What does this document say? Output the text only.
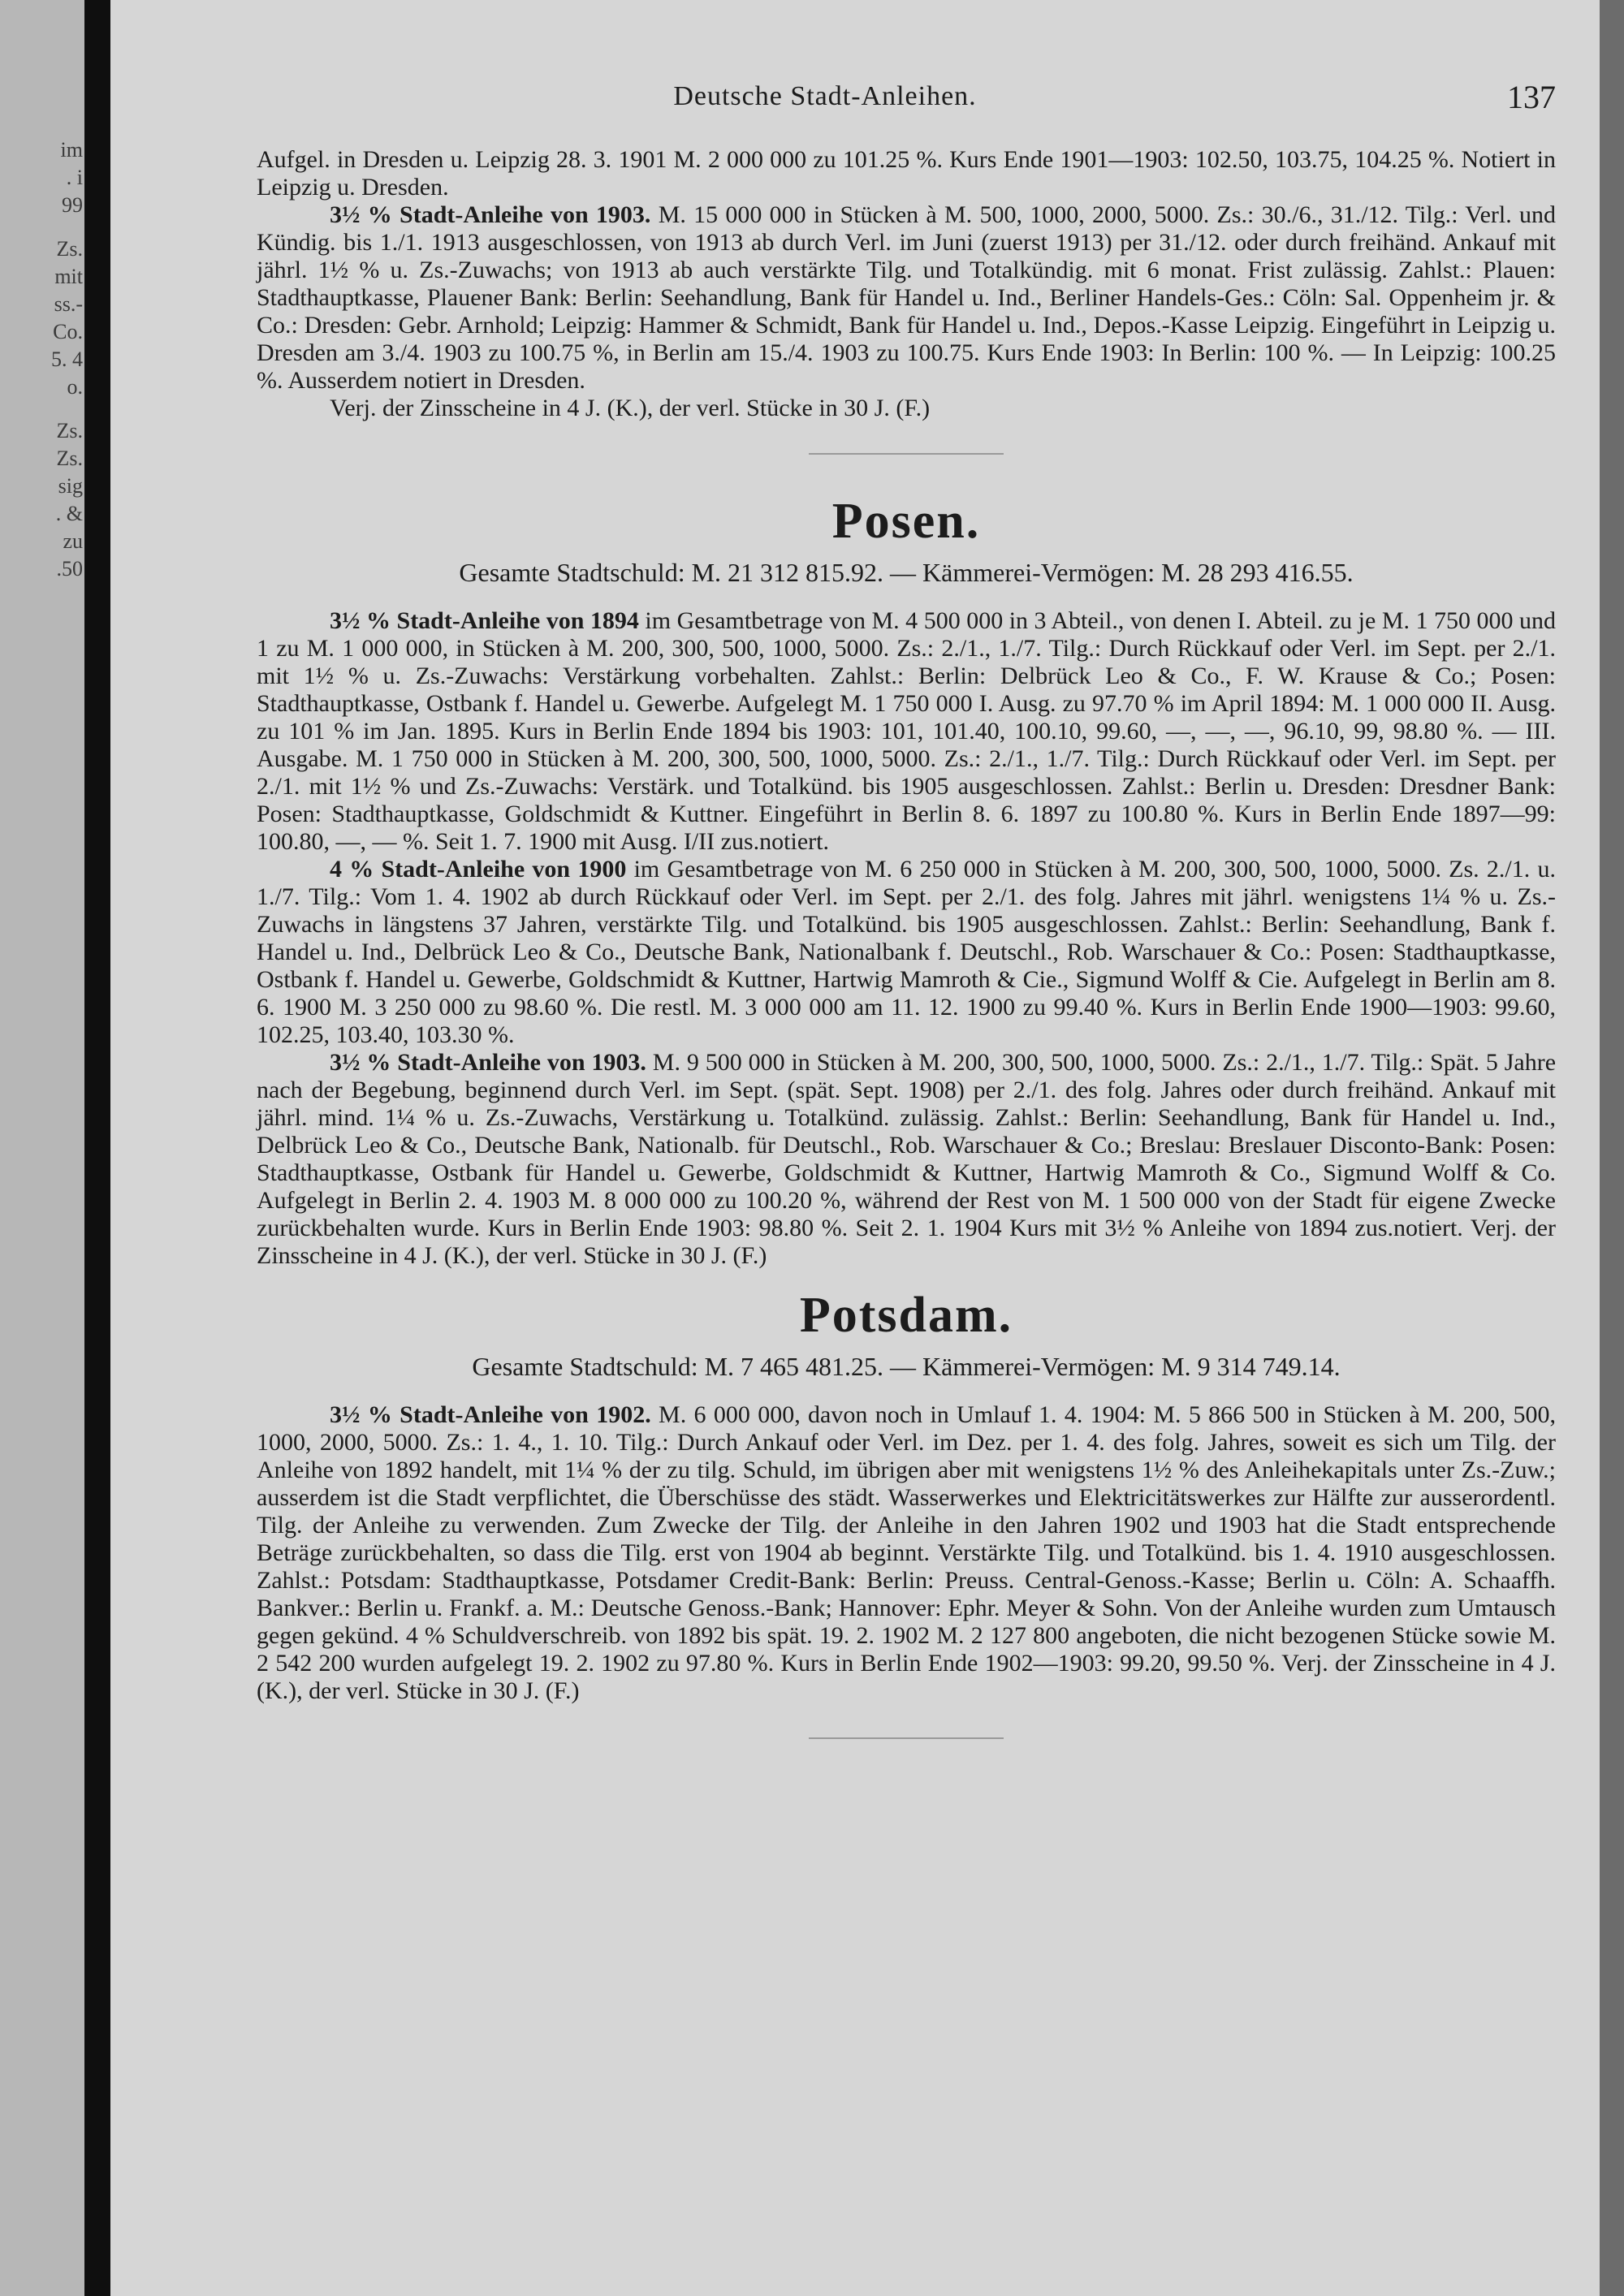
im
. i
99
Zs.
mit
ss.-
Co.
5. 4
o.
Zs.
Zs.
sig
. &
zu
.50
Deutsche Stadt-Anleihen.	137

Aufgel. in Dresden u. Leipzig 28. 3. 1901 M. 2 000 000 zu 101.25 %. Kurs Ende 1901—1903: 102.50, 103.75, 104.25 %. Notiert in Leipzig u. Dresden.

3½ % Stadt-Anleihe von 1903. M. 15 000 000 in Stücken à M. 500, 1000, 2000, 5000. Zs.: 30./6., 31./12. Tilg.: Verl. und Kündig. bis 1./1. 1913 ausgeschlossen, von 1913 ab durch Verl. im Juni (zuerst 1913) per 31./12. oder durch freihänd. Ankauf mit jährl. 1½ % u. Zs.-Zuwachs; von 1913 ab auch verstärkte Tilg. und Totalkündig. mit 6 monat. Frist zulässig. Zahlst.: Plauen: Stadthauptkasse, Plauener Bank: Berlin: Seehandlung, Bank für Handel u. Ind., Berliner Handels-Ges.: Cöln: Sal. Oppenheim jr. & Co.: Dresden: Gebr. Arnhold; Leipzig: Hammer & Schmidt, Bank für Handel u. Ind., Depos.-Kasse Leipzig. Eingeführt in Leipzig u. Dresden am 3./4. 1903 zu 100.75 %, in Berlin am 15./4. 1903 zu 100.75. Kurs Ende 1903: In Berlin: 100 %. — In Leipzig: 100.25 %. Ausserdem notiert in Dresden.

Verj. der Zinsscheine in 4 J. (K.), der verl. Stücke in 30 J. (F.)

Posen.
Gesamte Stadtschuld: M. 21 312 815.92. — Kämmerei-Vermögen: M. 28 293 416.55.

3½ % Stadt-Anleihe von 1894 im Gesamtbetrage von M. 4 500 000 in 3 Abteil., von denen I. Abteil. zu je M. 1 750 000 und 1 zu M. 1 000 000, in Stücken à M. 200, 300, 500, 1000, 5000. Zs.: 2./1., 1./7. Tilg.: Durch Rückkauf oder Verl. im Sept. per 2./1. mit 1½ % u. Zs.-Zuwachs: Verstärkung vorbehalten. Zahlst.: Berlin: Delbrück Leo & Co., F. W. Krause & Co.; Posen: Stadthauptkasse, Ostbank f. Handel u. Gewerbe. Aufgelegt M. 1 750 000 I. Ausg. zu 97.70 % im April 1894: M. 1 000 000 II. Ausg. zu 101 % im Jan. 1895. Kurs in Berlin Ende 1894 bis 1903: 101, 101.40, 100.10, 99.60, —, —, —, 96.10, 99, 98.80 %. — III. Ausgabe. M. 1 750 000 in Stücken à M. 200, 300, 500, 1000, 5000. Zs.: 2./1., 1./7. Tilg.: Durch Rückkauf oder Verl. im Sept. per 2./1. mit 1½ % und Zs.-Zuwachs: Verstärk. und Totalkünd. bis 1905 ausgeschlossen. Zahlst.: Berlin u. Dresden: Dresdner Bank: Posen: Stadthauptkasse, Goldschmidt & Kuttner. Eingeführt in Berlin 8. 6. 1897 zu 100.80 %. Kurs in Berlin Ende 1897—99: 100.80, —, — %. Seit 1. 7. 1900 mit Ausg. I/II zus.notiert.

4 % Stadt-Anleihe von 1900 im Gesamtbetrage von M. 6 250 000 in Stücken à M. 200, 300, 500, 1000, 5000. Zs. 2./1. u. 1./7. Tilg.: Vom 1. 4. 1902 ab durch Rückkauf oder Verl. im Sept. per 2./1. des folg. Jahres mit jährl. wenigstens 1¼ % u. Zs.-Zuwachs in längstens 37 Jahren, verstärkte Tilg. und Totalkünd. bis 1905 ausgeschlossen. Zahlst.: Berlin: Seehandlung, Bank f. Handel u. Ind., Delbrück Leo & Co., Deutsche Bank, Nationalbank f. Deutschl., Rob. Warschauer & Co.: Posen: Stadthauptkasse, Ostbank f. Handel u. Gewerbe, Goldschmidt & Kuttner, Hartwig Mamroth & Cie., Sigmund Wolff & Cie. Aufgelegt in Berlin am 8. 6. 1900 M. 3 250 000 zu 98.60 %. Die restl. M. 3 000 000 am 11. 12. 1900 zu 99.40 %. Kurs in Berlin Ende 1900—1903: 99.60, 102.25, 103.40, 103.30 %.

3½ % Stadt-Anleihe von 1903. M. 9 500 000 in Stücken à M. 200, 300, 500, 1000, 5000. Zs.: 2./1., 1./7. Tilg.: Spät. 5 Jahre nach der Begebung, beginnend durch Verl. im Sept. (spät. Sept. 1908) per 2./1. des folg. Jahres oder durch freihänd. Ankauf mit jährl. mind. 1¼ % u. Zs.-Zuwachs, Verstärkung u. Totalkünd. zulässig. Zahlst.: Berlin: Seehandlung, Bank für Handel u. Ind., Delbrück Leo & Co., Deutsche Bank, Nationalb. für Deutschl., Rob. Warschauer & Co.; Breslau: Breslauer Disconto-Bank: Posen: Stadthauptkasse, Ostbank für Handel u. Gewerbe, Goldschmidt & Kuttner, Hartwig Mamroth & Co., Sigmund Wolff & Co. Aufgelegt in Berlin 2. 4. 1903 M. 8 000 000 zu 100.20 %, während der Rest von M. 1 500 000 von der Stadt für eigene Zwecke zurückbehalten wurde. Kurs in Berlin Ende 1903: 98.80 %. Seit 2. 1. 1904 Kurs mit 3½ % Anleihe von 1894 zus.notiert. Verj. der Zinsscheine in 4 J. (K.), der verl. Stücke in 30 J. (F.)

Potsdam.
Gesamte Stadtschuld: M. 7 465 481.25. — Kämmerei-Vermögen: M. 9 314 749.14.

3½ % Stadt-Anleihe von 1902. M. 6 000 000, davon noch in Umlauf 1. 4. 1904: M. 5 866 500 in Stücken à M. 200, 500, 1000, 2000, 5000. Zs.: 1. 4., 1. 10. Tilg.: Durch Ankauf oder Verl. im Dez. per 1. 4. des folg. Jahres, soweit es sich um Tilg. der Anleihe von 1892 handelt, mit 1¼ % der zu tilg. Schuld, im übrigen aber mit wenigstens 1½ % des Anleihekapitals unter Zs.-Zuw.; ausserdem ist die Stadt verpflichtet, die Überschüsse des städt. Wasserwerkes und Elektricitätswerkes zur Hälfte zur ausserordentl. Tilg. der Anleihe zu verwenden. Zum Zwecke der Tilg. der Anleihe in den Jahren 1902 und 1903 hat die Stadt entsprechende Beträge zurückbehalten, so dass die Tilg. erst von 1904 ab beginnt. Verstärkte Tilg. und Totalkünd. bis 1. 4. 1910 ausgeschlossen. Zahlst.: Potsdam: Stadthauptkasse, Potsdamer Credit-Bank: Berlin: Preuss. Central-Genoss.-Kasse; Berlin u. Cöln: A. Schaaffh. Bankver.: Berlin u. Frankf. a. M.: Deutsche Genoss.-Bank; Hannover: Ephr. Meyer & Sohn. Von der Anleihe wurden zum Umtausch gegen gekünd. 4 % Schuldverschreib. von 1892 bis spät. 19. 2. 1902 M. 2 127 800 angeboten, die nicht bezogenen Stücke sowie M. 2 542 200 wurden aufgelegt 19. 2. 1902 zu 97.80 %. Kurs in Berlin Ende 1902—1903: 99.20, 99.50 %. Verj. der Zinsscheine in 4 J. (K.), der verl. Stücke in 30 J. (F.)
